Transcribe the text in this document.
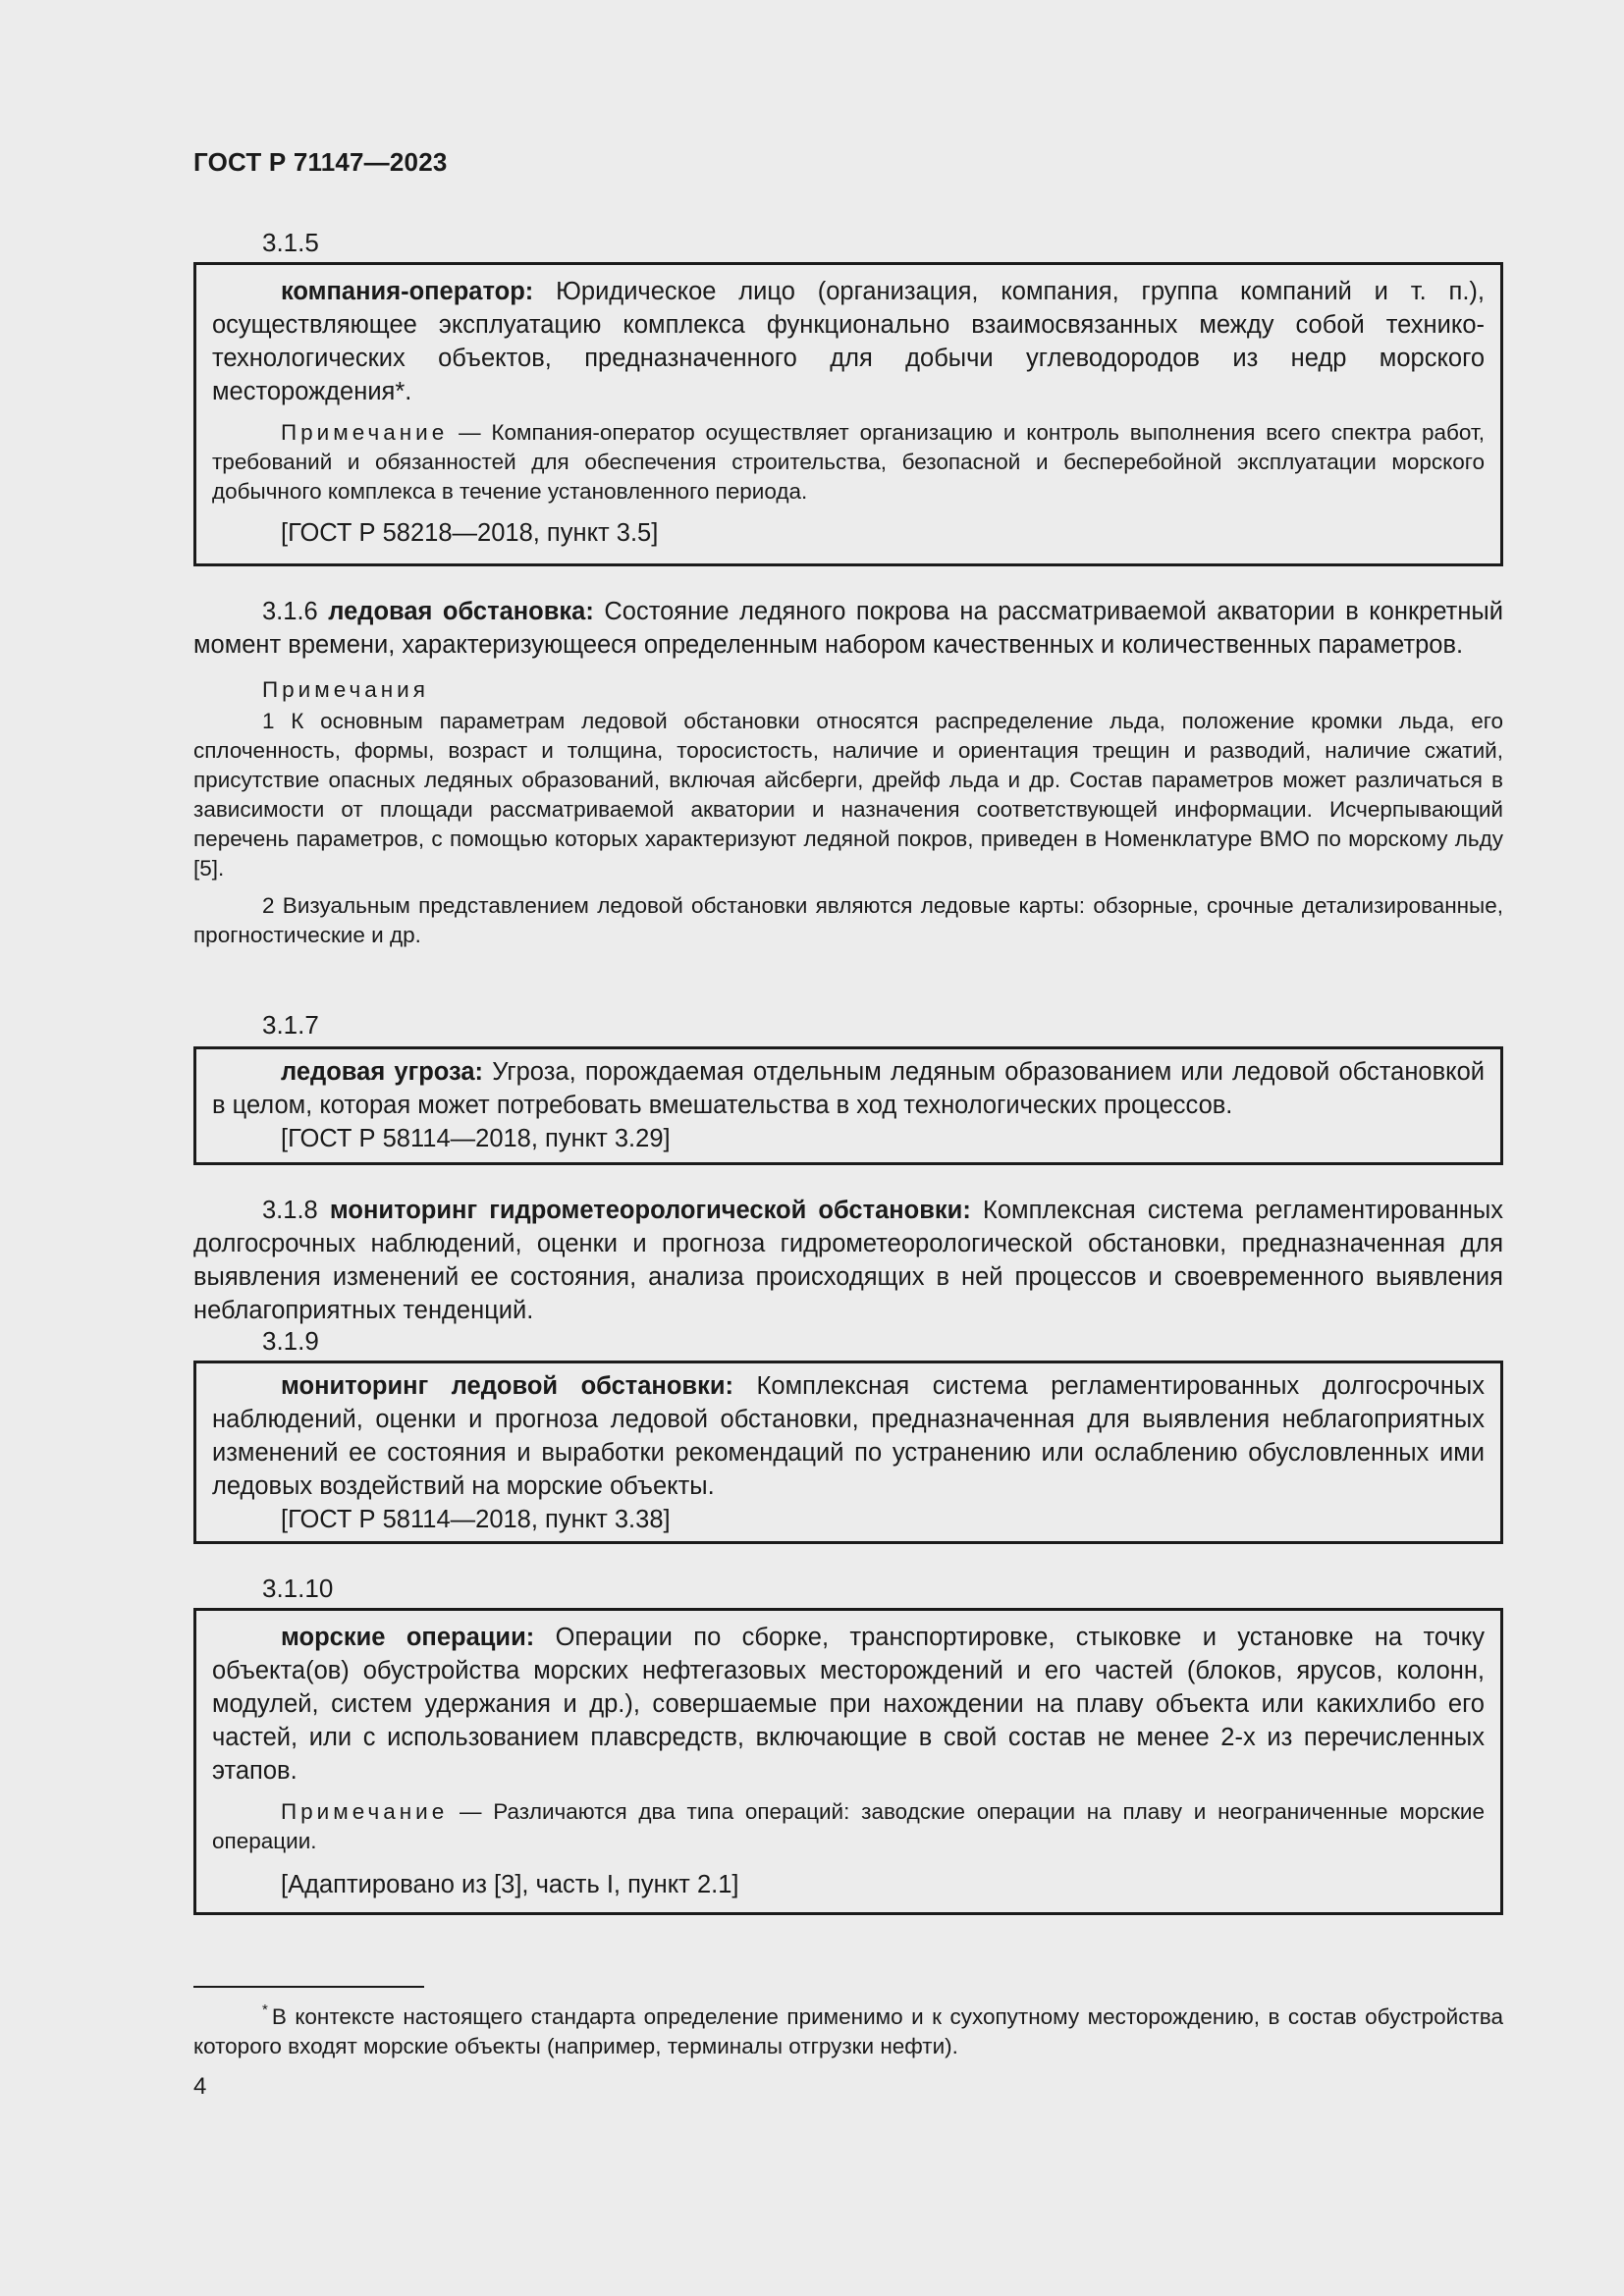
ГОСТ Р 71147—2023
3.1.5

компания-оператор: Юридическое лицо (организация, компания, группа компаний и т. п.), осуществляющее эксплуатацию комплекса функционально взаимосвязанных между собой технико-технологических объектов, предназначенного для добычи углеводородов из недр морского месторождения*.

Примечание — Компания-оператор осуществляет организацию и контроль выполнения всего спектра работ, требований и обязанностей для обеспечения строительства, безопасной и бесперебойной эксплуатации морского добычного комплекса в течение установленного периода.

[ГОСТ Р 58218—2018, пункт 3.5]

3.1.6 ледовая обстановка: Состояние ледяного покрова на рассматриваемой акватории в конкретный момент времени, характеризующееся определенным набором качественных и количественных параметров.

Примечания

1 К основным параметрам ледовой обстановки относятся распределение льда, положение кромки льда, его сплоченность, формы, возраст и толщина, торосистость, наличие и ориентация трещин и разводий, наличие сжатий, присутствие опасных ледяных образований, включая айсберги, дрейф льда и др. Состав параметров может различаться в зависимости от площади рассматриваемой акватории и назначения соответствующей информации. Исчерпывающий перечень параметров, с помощью которых характеризуют ледяной покров, приведен в Номенклатуре ВМО по морскому льду [5].

2 Визуальным представлением ледовой обстановки являются ледовые карты: обзорные, срочные детализированные, прогностические и др.

3.1.7

ледовая угроза: Угроза, порождаемая отдельным ледяным образованием или ледовой обстановкой в целом, которая может потребовать вмешательства в ход технологических процессов.

[ГОСТ Р 58114—2018, пункт 3.29]

3.1.8 мониторинг гидрометеорологической обстановки: Комплексная система регламентированных долгосрочных наблюдений, оценки и прогноза гидрометеорологической обстановки, предназначенная для выявления изменений ее состояния, анализа происходящих в ней процессов и своевременного выявления неблагоприятных тенденций.

3.1.9

мониторинг ледовой обстановки: Комплексная система регламентированных долгосрочных наблюдений, оценки и прогноза ледовой обстановки, предназначенная для выявления неблагоприятных изменений ее состояния и выработки рекомендаций по устранению или ослаблению обусловленных ими ледовых воздействий на морские объекты.

[ГОСТ Р 58114—2018, пункт 3.38]

3.1.10

морские операции: Операции по сборке, транспортировке, стыковке и установке на точку объекта(ов) обустройства морских нефтегазовых месторождений и его частей (блоков, ярусов, колонн, модулей, систем удержания и др.), совершаемые при нахождении на плаву объекта или какихлибо его частей, или с использованием плавсредств, включающие в свой состав не менее 2-х из перечисленных этапов.

Примечание — Различаются два типа операций: заводские операции на плаву и неограниченные морские операции.

[Адаптировано из [3], часть I, пункт 2.1]

* В контексте настоящего стандарта определение применимо и к сухопутному месторождению, в состав обустройства которого входят морские объекты (например, терминалы отгрузки нефти).
4
